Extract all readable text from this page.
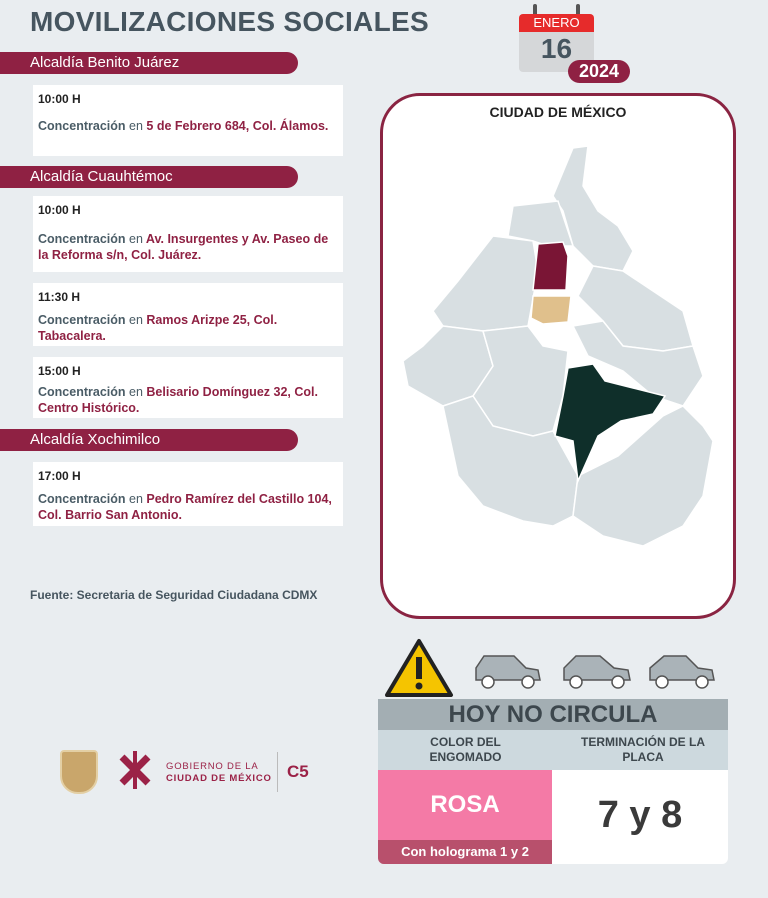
MOVILIZACIONES SOCIALES	ENERO
16
2024
Alcaldía Benito Juárez
10:00 H
Concentración en 5 de Febrero 684, Col. Álamos.
Alcaldía Cuauhtémoc
10:00 H
Concentración en Av. Insurgentes y Av. Paseo de la Reforma s/n, Col. Juárez.
11:30 H
Concentración en Ramos Arizpe 25, Col. Tabacalera.
15:00 H
Concentración en Belisario Domínguez 32, Col. Centro Histórico.
Alcaldía Xochimilco
17:00 H
Concentración en Pedro Ramírez del Castillo 104, Col. Barrio San Antonio.
Fuente: Secretaria de Seguridad Ciudadana CDMX
CIUDAD DE MÉXICO
GOBIERNO DE LA
CIUDAD DE MÉXICO C5
HOY NO CIRCULA
COLOR DEL ENGOMADO
TERMINACIÓN DE LA PLACA
ROSA
Con holograma 1 y 2
7 y 8
